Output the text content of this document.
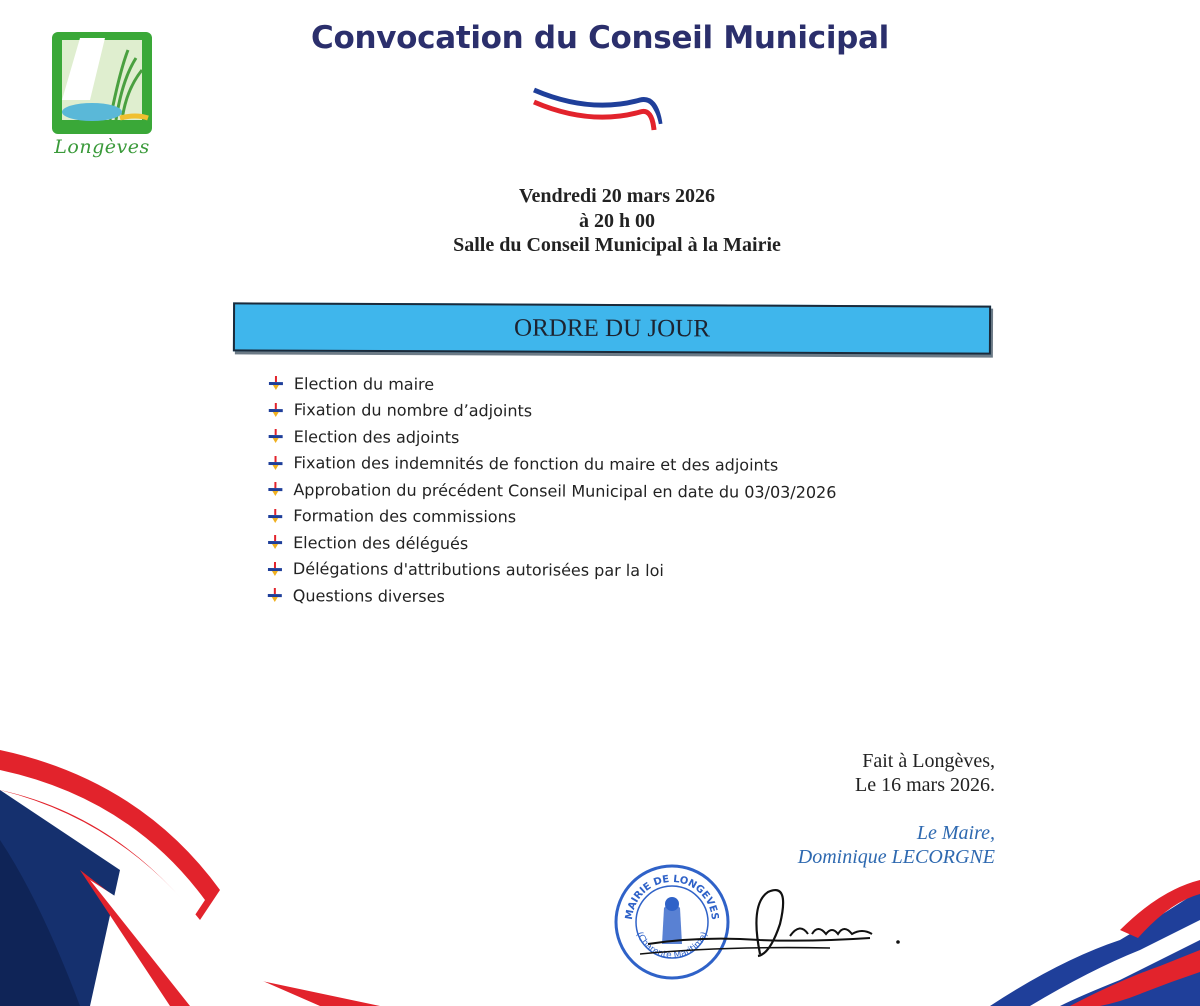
Longèves
Convocation du Conseil Municipal
Vendredi 20 mars 2026
à 20 h 00
Salle du Conseil Municipal à la Mairie
ORDRE DU JOUR
Election du maire
Fixation du nombre d’adjoints
Election des adjoints
Fixation des indemnités de fonction du maire et des adjoints
Approbation du précédent Conseil Municipal en date du 03/03/2026
Formation des commissions
Election des délégués
Délégations d'attributions autorisées par la loi
Questions diverses
Fait à Longèves,
Le 16 mars 2026.
Le Maire,
Dominique LECORGNE
MAIRIE DE LONGEVES
(Charente Maritime)
